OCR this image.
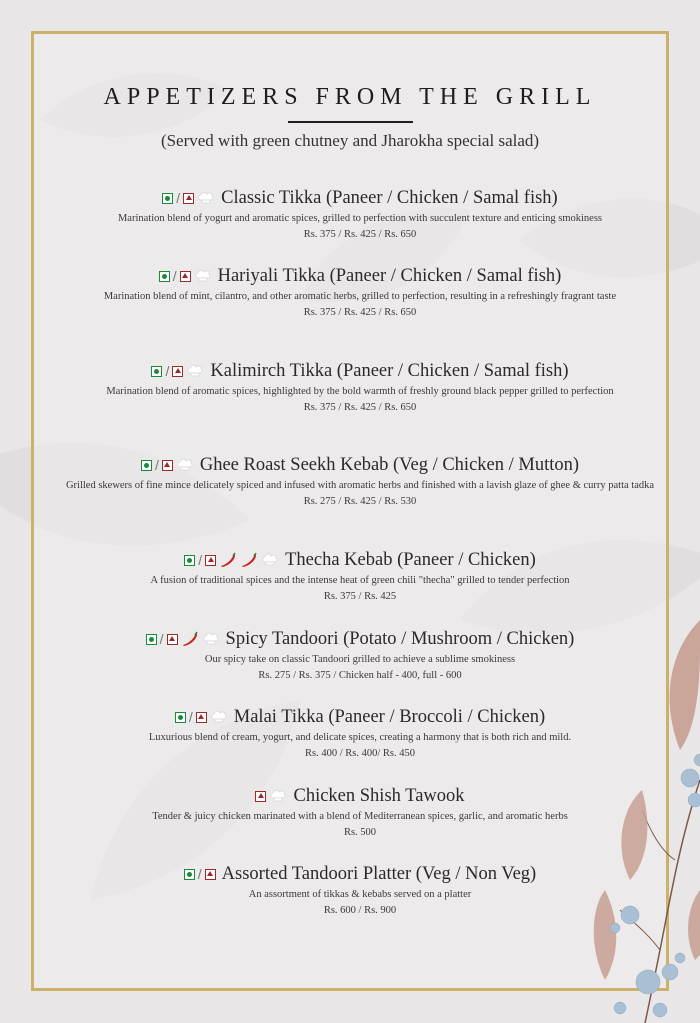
APPETIZERS FROM THE GRILL
(Served with green chutney and Jharokha special salad)
/ Classic Tikka (Paneer / Chicken / Samal fish)
Marination blend of yogurt and aromatic spices, grilled to perfection with succulent texture and enticing smokiness
Rs. 375 / Rs. 425 / Rs. 650
/ Hariyali Tikka (Paneer / Chicken / Samal fish)
Marination blend of mint, cilantro, and other aromatic herbs, grilled to perfection, resulting in a refreshingly fragrant taste
Rs. 375 / Rs. 425 / Rs. 650
/ Kalimirch Tikka (Paneer / Chicken / Samal fish)
Marination blend of aromatic spices, highlighted by the bold warmth of freshly ground black pepper grilled to perfection
Rs. 375 / Rs. 425 / Rs. 650
/ Ghee Roast Seekh Kebab (Veg / Chicken / Mutton)
Grilled skewers of fine mince delicately spiced and infused with aromatic herbs and finished with a lavish glaze of ghee & curry patta tadka
Rs. 275 / Rs. 425 / Rs. 530
/	Thecha Kebab (Paneer / Chicken)
A fusion of traditional spices and the intense heat of green chili "thecha" grilled to tender perfection
Rs. 375 / Rs. 425
/	Spicy Tandoori (Potato / Mushroom / Chicken)
Our spicy take on classic Tandoori grilled to achieve a sublime smokiness
Rs. 275 / Rs. 375 / Chicken half - 400, full - 600
/ Malai Tikka (Paneer / Broccoli / Chicken)
Luxurious blend of cream, yogurt, and delicate spices, creating a harmony that is both rich and mild.
Rs. 400 / Rs. 400/ Rs. 450
Chicken Shish Tawook
Tender & juicy chicken marinated with a blend of Mediterranean spices, garlic, and aromatic herbs
Rs. 500
/ Assorted Tandoori Platter (Veg / Non Veg)
An assortment of tikkas & kebabs served on a platter
Rs. 600 / Rs. 900
